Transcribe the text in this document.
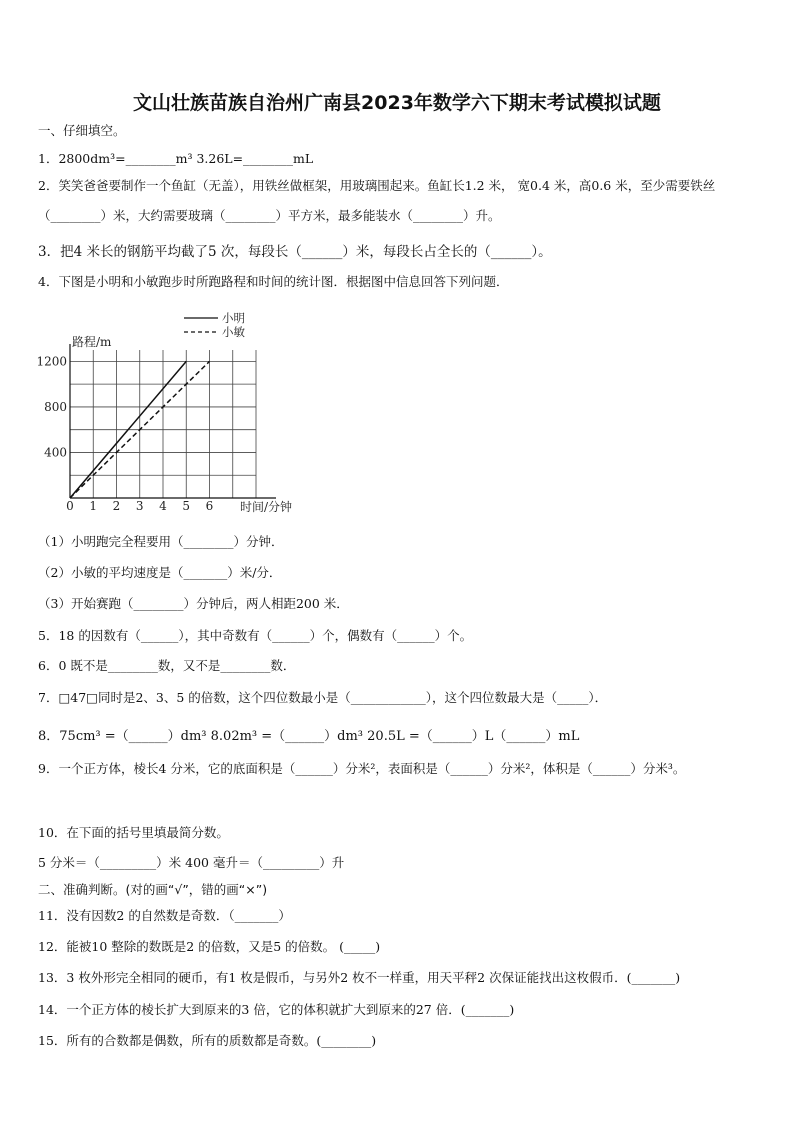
文山壮族苗族自治州广南县2023年数学六下期末考试模拟试题
一、仔细填空。
1．2800dm³=________m³ 3.26L=________mL
2．笑笑爸爸要制作一个鱼缸（无盖），用铁丝做框架，用玻璃围起来。鱼缸长1.2 米， 宽0.4 米，高0.6 米，至少需要铁丝（________）米，大约需要玻璃（________）平方米，最多能装水（________）升。
3．把4 米长的钢筋平均截了5 次，每段长（______）米，每段长占全长的（______）。
4．下图是小明和小敏跑步时所跑路程和时间的统计图．根据图中信息回答下列问题．
0 1 2 3 4 5 6
400
800
1200
小明
小敏
路程/m
时间/分钟
（1）小明跑完全程要用（________）分钟．
（2）小敏的平均速度是（_______）米/分．
（3）开始赛跑（________）分钟后，两人相距200 米．
5．18 的因数有（______），其中奇数有（______）个，偶数有（______）个。
6．0 既不是________数，又不是________数．
7．□47□同时是2、3、5 的倍数，这个四位数最小是（____________），这个四位数最大是（_____）．
8．75cm³ =（______）dm³ 8.02m³ =（______）dm³ 20.5L =（______）L（______）mL
9．一个正方体，棱长4 分米，它的底面积是（______）分米²，表面积是（______）分米²，体积是（______）分米³。
10．在下面的括号里填最简分数。
5 分米＝（_________）米 400 毫升＝（_________）升
二、准确判断。(对的画“√”，错的画“×”)
11．没有因数2 的自然数是奇数．（_______）
12．能被10 整除的数既是2 的倍数，又是5 的倍数。 (_____)
13．3 枚外形完全相同的硬币，有1 枚是假币，与另外2 枚不一样重，用天平秤2 次保证能找出这枚假币．(_______)
14．一个正方体的棱长扩大到原来的3 倍，它的体积就扩大到原来的27 倍．(_______)
15．所有的合数都是偶数，所有的质数都是奇数。(________)
